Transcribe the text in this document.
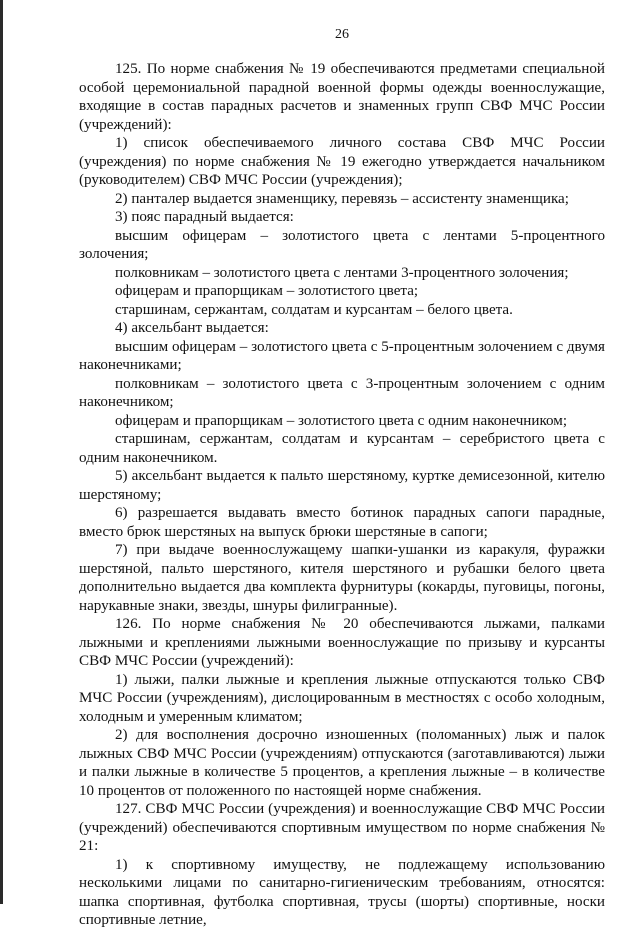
26

125. По норме снабжения № 19 обеспечиваются предметами специальной особой церемониальной парадной военной формы одежды военнослужащие, входящие в состав парадных расчетов и знаменных групп СВФ МЧС России (учреждений):

1) список обеспечиваемого личного состава СВФ МЧС России (учреждения) по норме снабжения № 19 ежегодно утверждается начальником (руководителем) СВФ МЧС России (учреждения);

2) панталер выдается знаменщику, перевязь – ассистенту знаменщика;

3) пояс парадный выдается:

высшим офицерам – золотистого цвета с лентами 5-процентного золочения;

полковникам – золотистого цвета с лентами 3-процентного золочения;

офицерам и прапорщикам – золотистого цвета;

старшинам, сержантам, солдатам и курсантам – белого цвета.

4) аксельбант выдается:

высшим офицерам – золотистого цвета с 5-процентным золочением с двумя наконечниками;

полковникам – золотистого цвета с 3-процентным золочением с одним наконечником;

офицерам и прапорщикам – золотистого цвета с одним наконечником;

старшинам, сержантам, солдатам и курсантам – серебристого цвета с одним наконечником.

5) аксельбант выдается к пальто шерстяному, куртке демисезонной, кителю шерстяному;

6) разрешается выдавать вместо ботинок парадных сапоги парадные, вместо брюк шерстяных на выпуск брюки шерстяные в сапоги;

7) при выдаче военнослужащему шапки-ушанки из каракуля, фуражки шерстяной, пальто шерстяного, кителя шерстяного и рубашки белого цвета дополнительно выдается два комплекта фурнитуры (кокарды, пуговицы, погоны, нарукавные знаки, звезды, шнуры филигранные).

126. По норме снабжения № 20 обеспечиваются лыжами, палками лыжными и креплениями лыжными военнослужащие по призыву и курсанты СВФ МЧС России (учреждений):

1) лыжи, палки лыжные и крепления лыжные отпускаются только СВФ МЧС России (учреждениям), дислоцированным в местностях с особо холодным, холодным и умеренным климатом;

2) для восполнения досрочно изношенных (поломанных) лыж и палок лыжных СВФ МЧС России (учреждениям) отпускаются (заготавливаются) лыжи и палки лыжные в количестве 5 процентов, а крепления лыжные – в количестве 10 процентов от положенного по настоящей норме снабжения.

127. СВФ МЧС России (учреждения) и военнослужащие СВФ МЧС России (учреждений) обеспечиваются спортивным имуществом по норме снабжения № 21:

1) к спортивному имуществу, не подлежащему использованию несколькими лицами по санитарно-гигиеническим требованиям, относятся: шапка спортивная, футболка спортивная, трусы (шорты) спортивные, носки спортивные летние,
